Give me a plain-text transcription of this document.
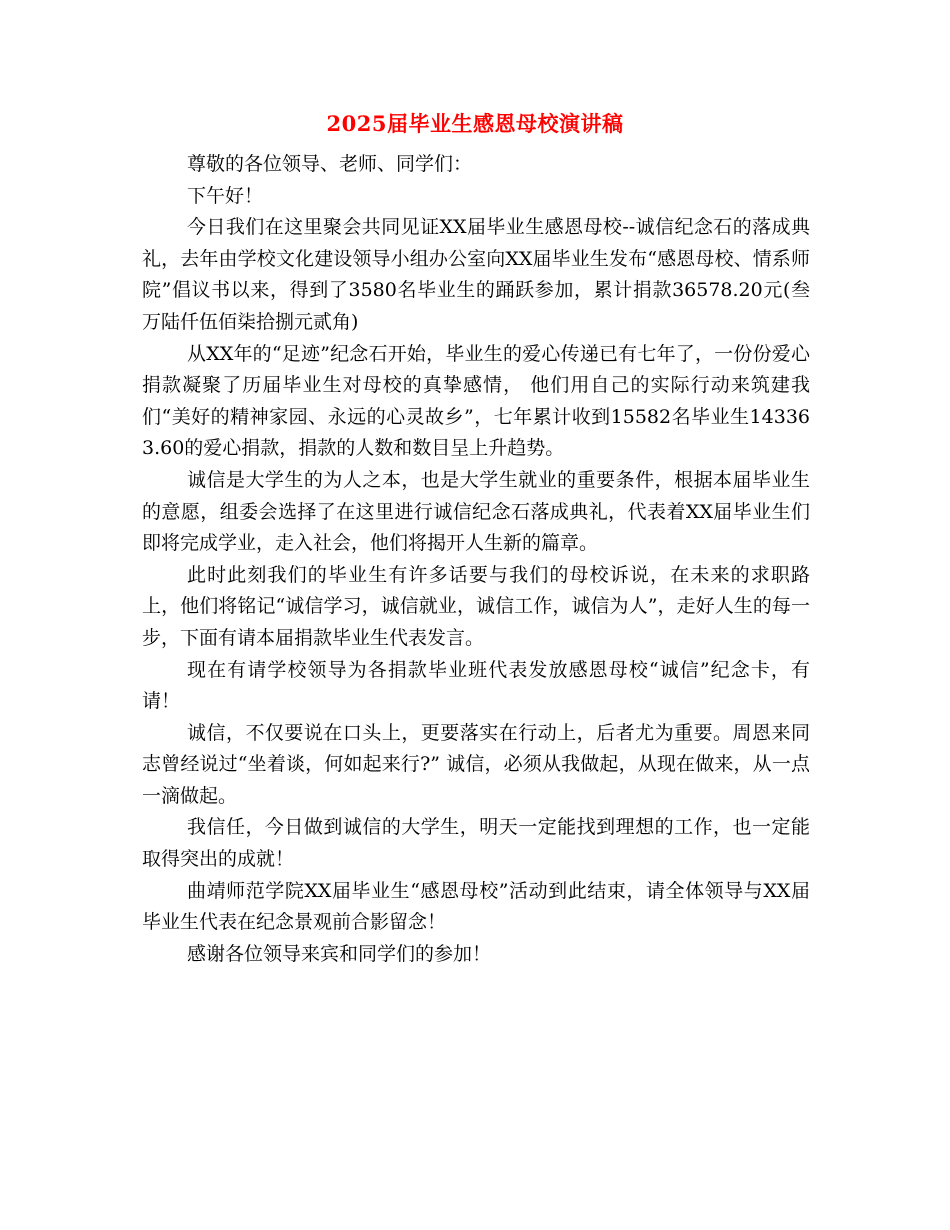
2025届毕业生感恩母校演讲稿

尊敬的各位领导、老师、同学们：

下午好！

今日我们在这里聚会共同见证XX届毕业生感恩母校--诚信纪念石的落成典礼，去年由学校文化建设领导小组办公室向XX届毕业生发布“感恩母校、情系师院”倡议书以来，得到了3580名毕业生的踊跃参加，累计捐款36578.20元(叁万陆仟伍佰柒拾捌元贰角)

从XX年的“足迹”纪念石开始，毕业生的爱心传递已有七年了，一份份爱心捐款凝聚了历届毕业生对母校的真挚感情， 他们用自己的实际行动来筑建我们“美好的精神家园、永远的心灵故乡”，七年累计收到15582名毕业生143363.60的爱心捐款，捐款的人数和数目呈上升趋势。

诚信是大学生的为人之本，也是大学生就业的重要条件，根据本届毕业生的意愿，组委会选择了在这里进行诚信纪念石落成典礼，代表着XX届毕业生们即将完成学业，走入社会，他们将揭开人生新的篇章。

此时此刻我们的毕业生有许多话要与我们的母校诉说，在未来的求职路上，他们将铭记“诚信学习，诚信就业，诚信工作，诚信为人”，走好人生的每一步，下面有请本届捐款毕业生代表发言。

现在有请学校领导为各捐款毕业班代表发放感恩母校“诚信”纪念卡，有请！

诚信，不仅要说在口头上，更要落实在行动上，后者尤为重要。周恩来同志曾经说过“坐着谈，何如起来行?” 诚信，必须从我做起，从现在做来，从一点一滴做起。

我信任，今日做到诚信的大学生，明天一定能找到理想的工作，也一定能取得突出的成就！

曲靖师范学院XX届毕业生“感恩母校”活动到此结束，请全体领导与XX届毕业生代表在纪念景观前合影留念！

感谢各位领导来宾和同学们的参加！
